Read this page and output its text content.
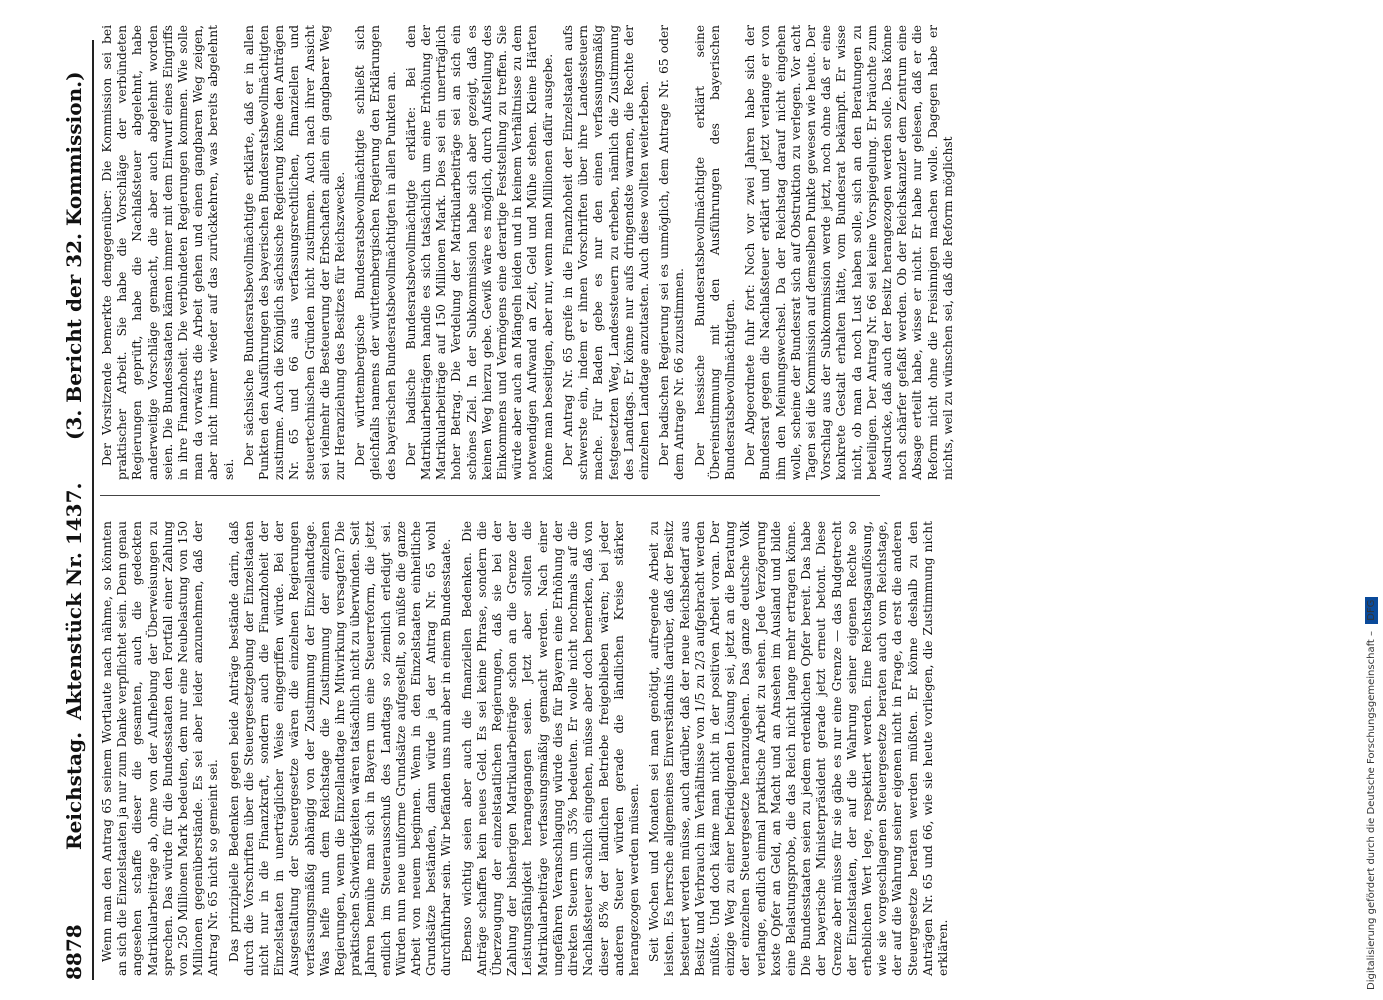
8878
Reichstag.
Aktenstück Nr. 1437.
(3. Bericht der 32. Kommission.)

Wenn man den Antrag 65 seinem Wortlaute nach nähme, so könnten an sich die Einzelstaaten ja nur zum Danke verpflichtet sein. Denn genau angesehen schaffe dieser die gesamten, auch die gedeckten Matrikularbeiträge ab, ohne von der Aufhebung der Überweisungen zu sprechen. Das würde für die Bundesstaaten den Fortfall einer Zahlung von 250 Millionen Mark bedeuten, dem nur eine Neubelastung von 150 Millionen gegenüberstände. Es sei aber leider anzunehmen, daß der Antrag Nr. 65 nicht so gemeint sei. Das prinzipielle Bedenken gegen beide Anträge bestände darin, daß durch die Vorschriften über die Steuergesetzgebung der Einzelstaaten nicht nur in die Finanzkraft, sondern auch die Finanzhoheit der Einzelstaaten in unerträglicher Weise eingegriffen würde. Bei der Ausgestaltung der Steuergesetze wären die einzelnen Regierungen verfassungsmäßig abhängig von der Zustimmung der Einzellandtage. Was helfe nun dem Reichstage die Zustimmung der einzelnen Regierungen, wenn die Einzellandtage ihre Mitwirkung versagten? Die praktischen Schwierigkeiten wären tatsächlich nicht zu überwinden. Seit Jahren bemühe man sich in Bayern um eine Steuerreform, die jetzt endlich im Steuerausschuß des Landtags so ziemlich erledigt sei. Würden nun neue uniforme Grundsätze aufgestellt, so müßte die ganze Arbeit von neuem beginnen. Wenn in den Einzelstaaten einheitliche Grundsätze beständen, dann würde ja der Antrag Nr. 65 wohl durchführbar sein. Wir befänden uns nun aber in einem Bundesstaate. Ebenso wichtig seien aber auch die finanziellen Bedenken. Die Anträge schaffen kein neues Geld. Es sei keine Phrase, sondern die Überzeugung der einzelstaatlichen Regierungen, daß sie bei der Zahlung der bisherigen Matrikularbeiträge schon an die Grenze der Leistungsfähigkeit herangegangen seien. Jetzt aber sollten die Matrikularbeiträge verfassungsmäßig gemacht werden. Nach einer ungefähren Veranschlagung würde dies für Bayern eine Erhöhung der direkten Steuern um 35% bedeuten. Er wolle nicht nochmals auf die Nachlaßsteuer sachlich eingehen, müsse aber doch bemerken, daß von dieser 85% der ländlichen Betriebe freigeblieben wären; bei jeder anderen Steuer würden gerade die ländlichen Kreise stärker herangezogen werden müssen. Seit Wochen und Monaten sei man genötigt, aufregende Arbeit zu leisten. Es herrsche allgemeines Einverständnis darüber, daß der Besitz besteuert werden müsse, auch darüber, daß der neue Reichsbedarf aus Besitz und Verbrauch im Verhältnisse von 1/5 zu 2/3 aufgebracht werden müßte. Und doch käme man nicht in der positiven Arbeit voran. Der einzige Weg zu einer befriedigenden Lösung sei, jetzt an die Beratung der einzelnen Steuergesetze heranzugehen. Das ganze deutsche Volk verlange, endlich einmal praktische Arbeit zu sehen. Jede Verzögerung koste Opfer an Geld, an Macht und an Ansehen im Ausland und bilde eine Belastungsprobe, die das Reich nicht lange mehr ertragen könne. Die Bundesstaaten seien zu jedem erdenklichen Opfer bereit. Das habe der bayerische Ministerpräsident gerade jetzt erneut betont. Diese Grenze aber müsse für sie gäbe es nur eine Grenze — das Budgetrecht der Einzelstaaten, der auf die Wahrung seiner eigenen Rechte so erheblichen Wert lege, respektiert werden. Eine Reichstagsauflösung, wie sie vorgeschlagenen Steuergesetze beraten auch vom Reichstage, der auf die Wahrung seiner eigenen nicht in Frage, da erst die anderen Steuergesetze beraten werden müßten. Er könne deshalb zu den Anträgen Nr. 65 und 66, wie sie heute vorliegen, die Zustimmung nicht erklären.

Der Vorsitzende bemerkte demgegenüber: Die Kommission sei bei praktischer Arbeit. Sie habe die Vorschläge der verbündeten Regierungen geprüft, habe die Nachlaßsteuer abgelehnt, habe anderweitige Vorschläge gemacht, die aber auch abgelehnt worden seien. Die Bundesstaaten kämen immer mit dem Einwurf eines Eingriffs in ihre Finanzhoheit. Die verbündeten Regierungen kommen. Wie solle man da vorwärts die Arbeit gehen und einen gangbaren Weg zeigen, aber nicht immer wieder auf das zurückkehren, was bereits abgelehnt sei.

Der sächsische Bundesratsbevollmächtigte erklärte, daß er in allen Punkten den Ausführungen des bayerischen Bundesratsbevollmächtigten zustimme. Auch die Königlich sächsische Regierung könne den Anträgen Nr. 65 und 66 aus verfassungsrechtlichen, finanziellen und steuertechnischen Gründen nicht zustimmen. Auch nach ihrer Ansicht sei vielmehr die Besteuerung der Erbschaften allein ein gangbarer Weg zur Heranziehung des Besitzes für Reichszwecke. Der württembergische Bundesratsbevollmächtigte schließt sich gleichfalls namens der württembergischen Regierung den Erklärungen des bayerischen Bundesratsbevollmächtigten in allen Punkten an. Der badische Bundesratsbevollmächtigte erklärte: Bei den Matrikularbeiträgen handle es sich tatsächlich um eine Erhöhung der Matrikularbeiträge auf 150 Millionen Mark. Dies sei ein unerträglich hoher Betrag. Die Verdelung der Matrikularbeiträge sei an sich ein schönes Ziel. In der Subkommission habe sich aber gezeigt, daß es keinen Weg hierzu gebe. Gewiß wäre es möglich, durch Aufstellung des Einkommens und Vermögens eine derartige Feststellung zu treffen. Sie würde aber auch an Mängeln leiden und in keinem Verhältnisse zu dem notwendigen Aufwand an Zeit, Geld und Mühe stehen. Kleine Härten könne man beseitigen, aber nur, wenn man Millionen dafür ausgebe. Der Antrag Nr. 65 greife in die Finanzhoheit der Einzelstaaten aufs schwerste ein, indem er ihnen Vorschriften über ihre Landessteuern mache. Für Baden gebe es nur den einen verfassungsmäßig festgesetzten Weg, Landessteuern zu erheben, nämlich die Zustimmung des Landtags. Er könne nur aufs dringendste warnen, die Rechte der einzelnen Landtage anzutasten. Auch diese wollten weiterleben. Der badischen Regierung sei es unmöglich, dem Antrage Nr. 65 oder dem Antrage Nr. 66 zuzustimmen. Der hessische Bundesratsbevollmächtigte erklärt seine Übereinstimmung mit den Ausführungen des bayerischen Bundesratsbevollmächtigten. Der Abgeordnete fuhr fort: Noch vor zwei Jahren habe sich der Bundesrat gegen die Nachlaßsteuer erklärt und jetzt verlange er von ihm den Meinungswechsel. Da der Reichstag darauf nicht eingehen wolle, scheine der Bundesrat sich auf Obstruktion zu verlegen. Vor acht Tagen sei die Kommission auf demselben Punkte gewesen wie heute. Der Vorschlag aus der Subkommission werde jetzt, noch ohne daß er eine konkrete Gestalt erhalten hätte, vom Bundesrat bekämpft. Er wisse nicht, ob man da noch Lust haben solle, sich an den Beratungen zu beteiligen. Der Antrag Nr. 66 sei keine Vorspiegelung. Er bräuchte zum Ausdrucke, daß auch der Besitz herangezogen werden solle. Das könne noch schärfer gefaßt werden. Ob der Reichskanzler dem Zentrum eine Absage erteilt habe, wisse er nicht. Er habe nur gelesen, daß er die Reform nicht ohne die Freisinnigen machen wolle. Dagegen habe er nichts, weil zu wünschen sei, daß die Reform möglichst

Digitalisierung gefördert durch die Deutsche Forschungsgemeinschaft – DFG
